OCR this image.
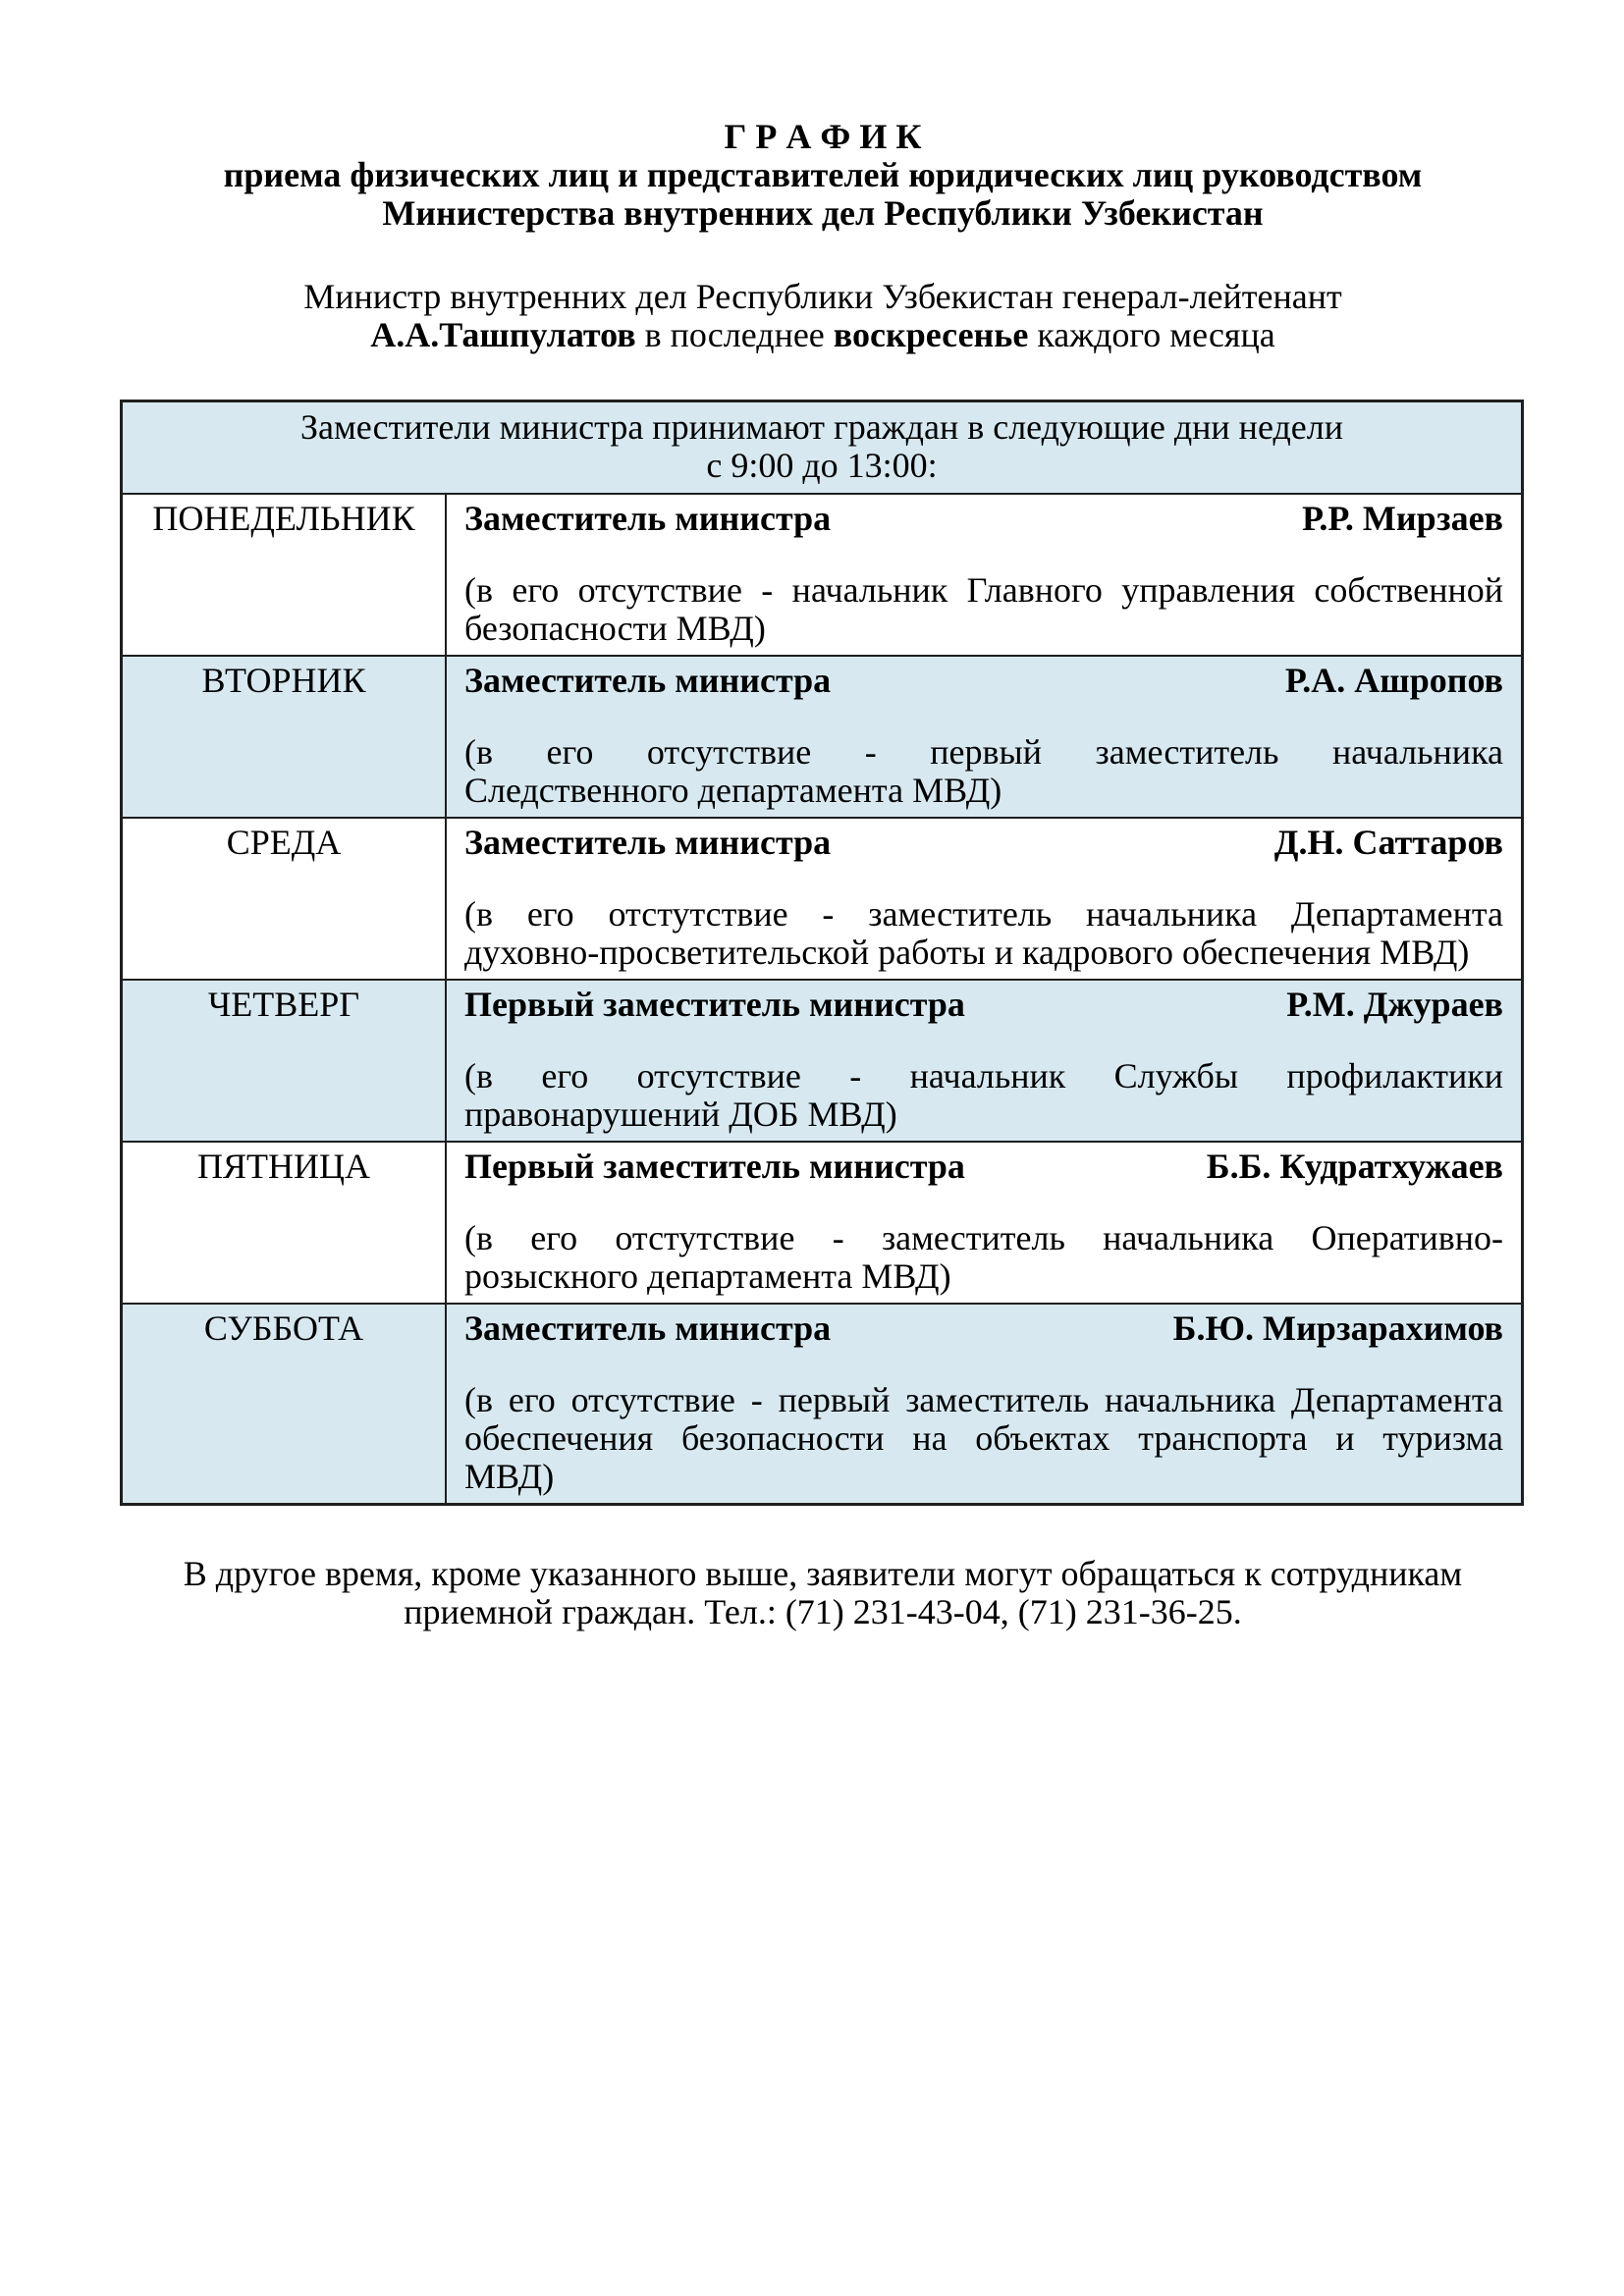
Г Р А Ф И К
приема физических лиц и представителей юридических лиц руководством
Министерства внутренних дел Республики Узбекистан
Министр внутренних дел Республики Узбекистан генерал-лейтенант
А.А.Ташпулатов в последнее воскресенье каждого месяца
Заместители министра принимают граждан в следующие дни недели
с 9:00 до 13:00:
ПОНЕДЕЛЬНИК	Заместитель министра	Р.Р. Мирзаев
(в его отсутствие - начальник Главного управления собственной
безопасности МВД)
ВТОРНИК	Заместитель министра	Р.А. Ашропов
(в его отсутствие - первый заместитель начальника
Следственного департамента МВД)
СРЕДА	Заместитель министра	Д.Н. Саттаров
(в его отстутствие - заместитель начальника Департамента
духовно-просветительской работы и кадрового обеспечения МВД)
ЧЕТВЕРГ	Первый заместитель министра	Р.М. Джураев
(в его отсутствие - начальник Службы профилактики
правонарушений ДОБ МВД)
ПЯТНИЦА	Первый заместитель министра	Б.Б. Кудратхужаев
(в его отстутствие - заместитель начальника Оперативно-
розыскного департамента МВД)
СУББОТА	Заместитель министра	Б.Ю. Мирзарахимов
(в его отсутствие - первый заместитель начальника Департамента
обеспечения безопасности на объектах транспорта и туризма
МВД)
В другое время, кроме указанного выше, заявители могут обращаться к сотрудникам
приемной граждан. Тел.: (71) 231-43-04, (71) 231-36-25.
